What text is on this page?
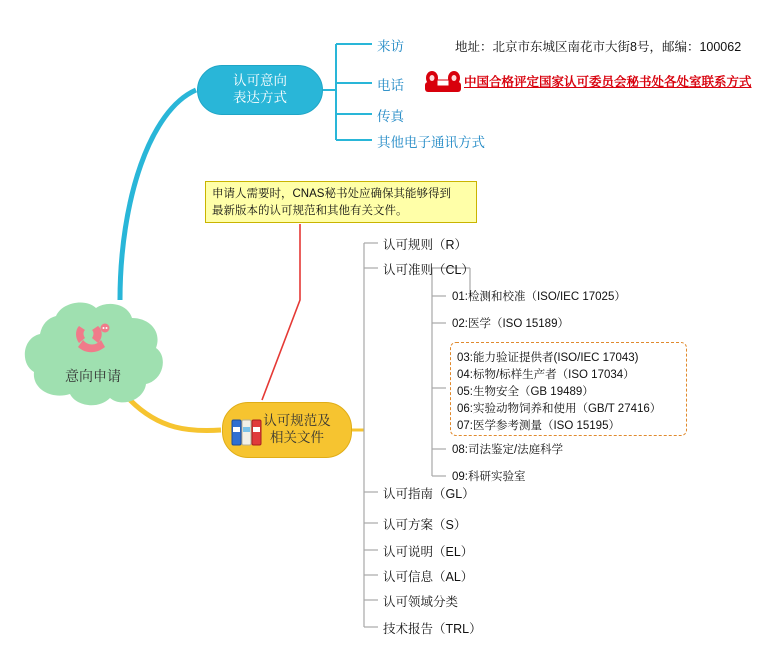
意向申请
认可意向
表达方式
来访
电话
传真
其他电子通讯方式
地址：北京市东城区南花市大街8号，邮编：100062
中国合格评定国家认可委员会秘书处各处室联系方式
申请人需要时，CNAS秘书处应确保其能够得到
最新版本的认可规范和其他有关文件。
认可规范及
相关文件
认可规则（R）
认可准则（CL）
认可指南（GL）
认可方案（S）
认可说明（EL）
认可信息（AL）
认可领域分类
技术报告（TRL）
01:检测和校准（ISO/IEC 17025）
02:医学（ISO 15189）
03:能力验证提供者(ISO/IEC 17043)
04:标物/标样生产者（ISO 17034）
05:生物安全（GB 19489）
06:实验动物饲养和使用（GB/T 27416）
07:医学参考测量（ISO 15195）
08:司法鉴定/法庭科学
09:科研实验室
